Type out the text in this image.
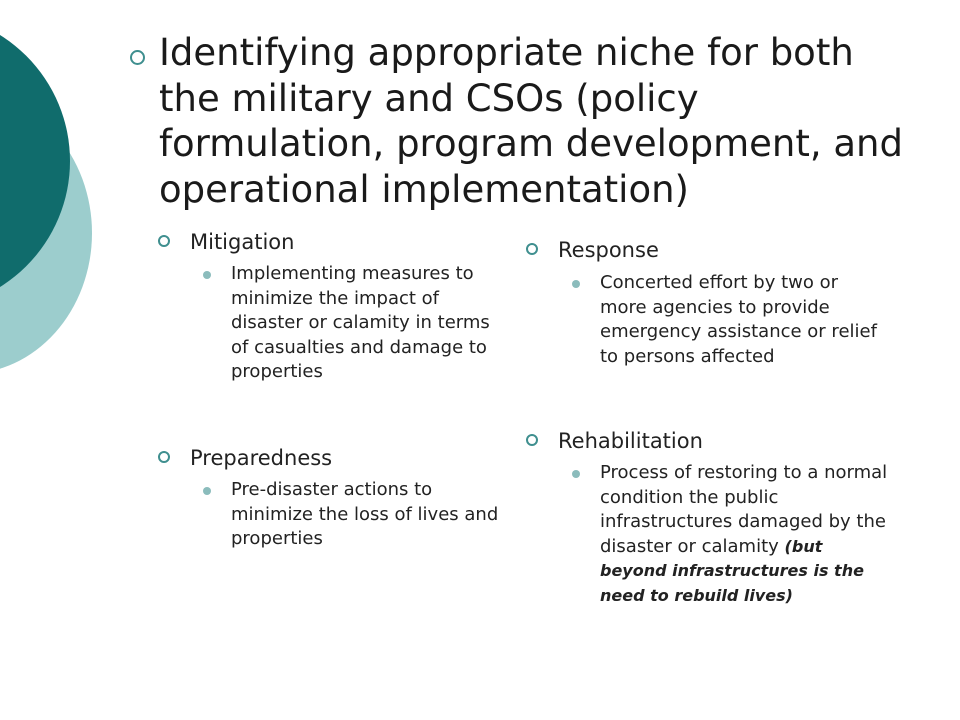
Identifying appropriate niche for both the military and CSOs (policy formulation, program development, and operational implementation)
Mitigation
Implementing measures to minimize the impact of disaster or calamity in terms of casualties and damage to properties
Preparedness
Pre-disaster actions to minimize the loss of lives and properties
Response
Concerted effort by two or more agencies to provide emergency assistance or relief to persons affected
Rehabilitation
Process of restoring to a normal condition the public infrastructures damaged by the disaster or calamity (but beyond infrastructures is the need to rebuild lives)
